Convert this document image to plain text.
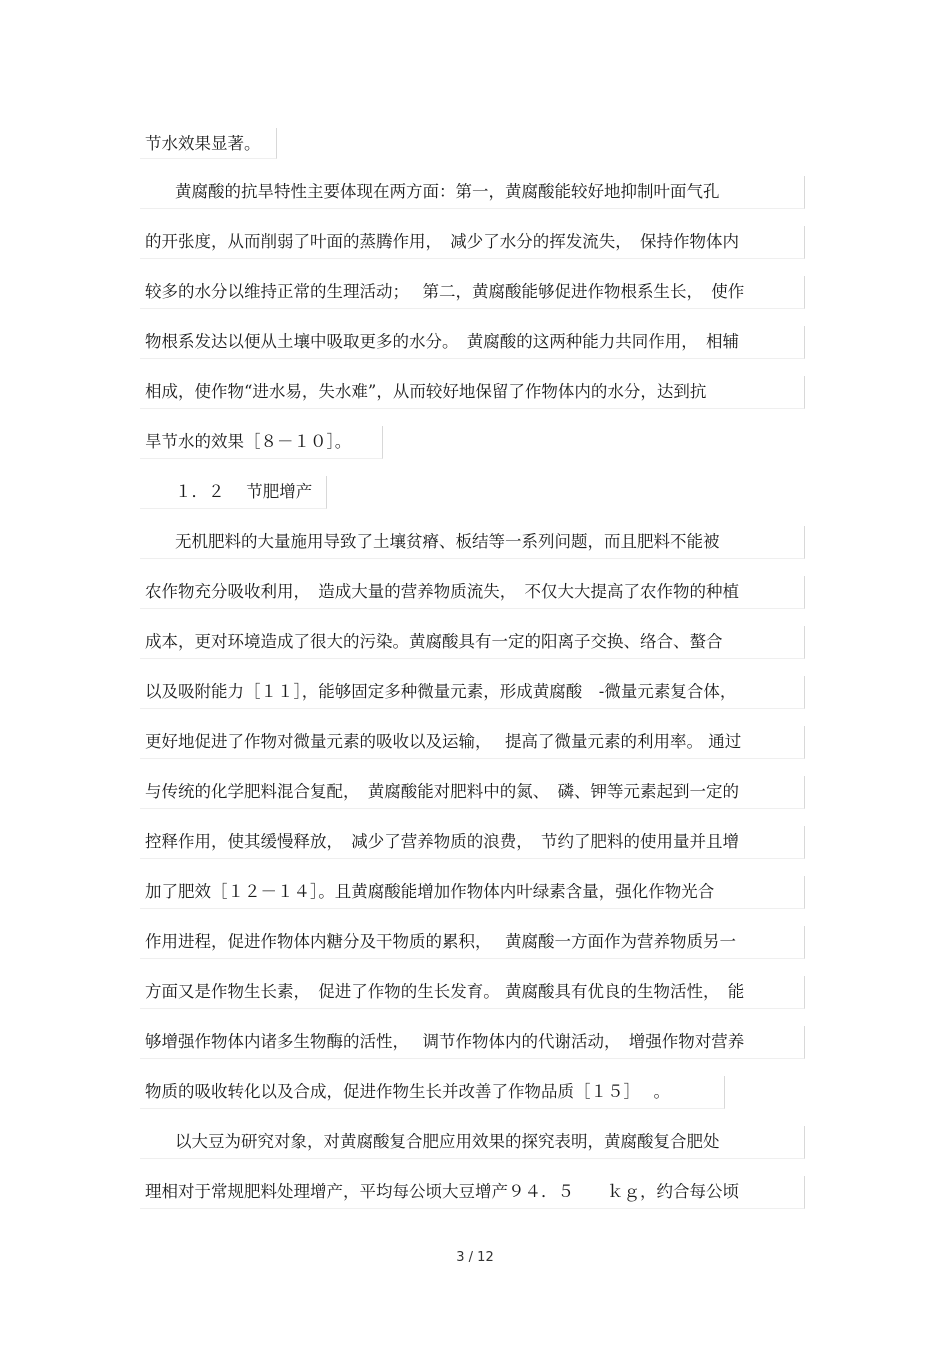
节水效果显著。
黄腐酸的抗旱特性主要体现在两方面：第一，黄腐酸能较好地抑制叶面气孔
的开张度，从而削弱了叶面的蒸腾作用，　减少了水分的挥发流失，　保持作物体内
较多的水分以维持正常的生理活动；　 第二，黄腐酸能够促进作物根系生长，　使作
物根系发达以便从土壤中吸取更多的水分。　黄腐酸的这两种能力共同作用，　相辅
相成，使作物“进水易，失水难”，从而较好地保留了作物体内的水分，达到抗
旱节水的效果［８－１０］。
１．２　 节肥增产
无机肥料的大量施用导致了土壤贫瘠、板结等一系列问题，而且肥料不能被
农作物充分吸收利用，　造成大量的营养物质流失，　不仅大大提高了农作物的种植
成本，更对环境造成了很大的污染。黄腐酸具有一定的阳离子交换、络合、螯合
以及吸附能力［１１］，能够固定多种微量元素，形成黄腐酸　-微量元素复合体，
更好地促进了作物对微量元素的吸收以及运输，　 提高了微量元素的利用率。 通过
与传统的化学肥料混合复配，　黄腐酸能对肥料中的氮、　磷、钾等元素起到一定的
控释作用，使其缓慢释放，　减少了营养物质的浪费，　节约了肥料的使用量并且增
加了肥效［１２－１４］。且黄腐酸能增加作物体内叶绿素含量，强化作物光合
作用进程，促进作物体内糖分及干物质的累积，　 黄腐酸一方面作为营养物质另一
方面又是作物生长素，　促进了作物的生长发育。 黄腐酸具有优良的生物活性，　能
够增强作物体内诸多生物酶的活性，　 调节作物体内的代谢活动，　增强作物对营养
物质的吸收转化以及合成，促进作物生长并改善了作物品质［１５］　 。
以大豆为研究对象，对黄腐酸复合肥应用效果的探究表明，黄腐酸复合肥处
理相对于常规肥料处理增产，平均每公顷大豆增产９４．５　　ｋｇ，约合每公顷
3 / 12
